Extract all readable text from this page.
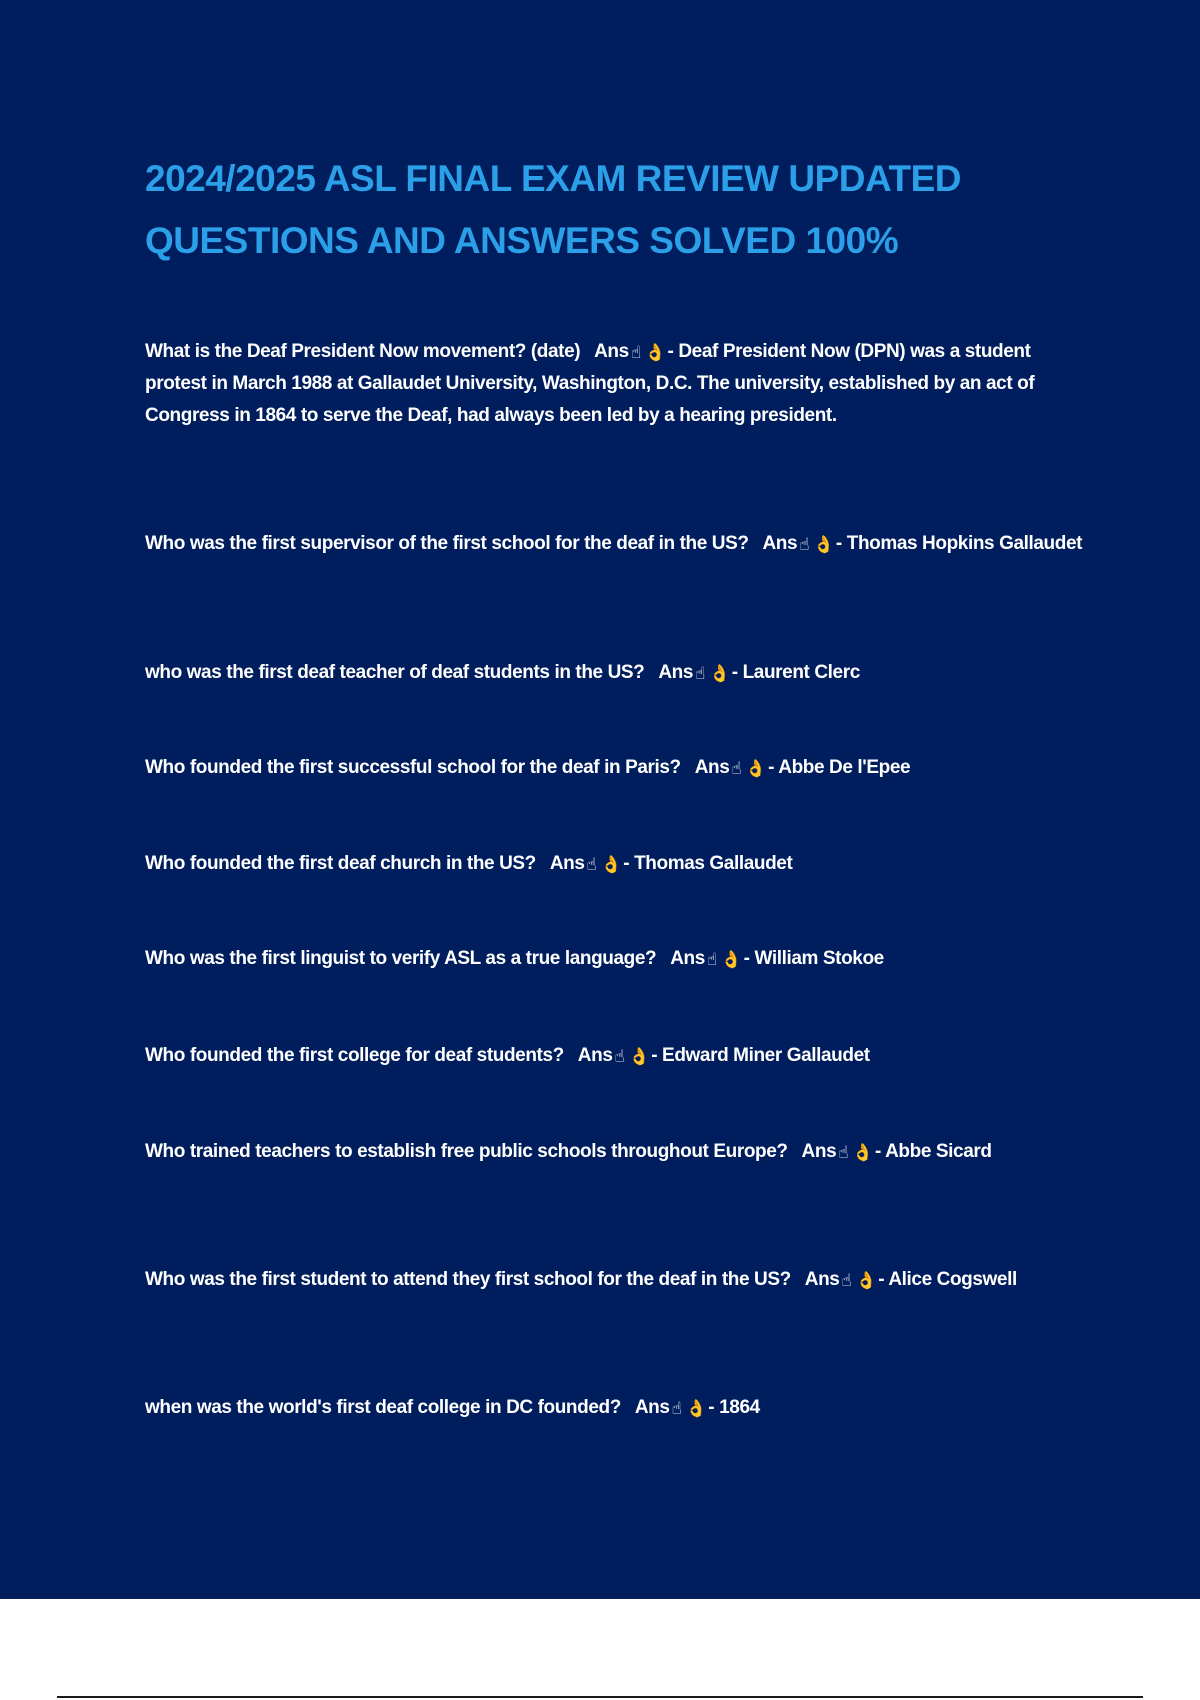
2024/2025 ASL FINAL EXAM REVIEW UPDATED QUESTIONS AND ANSWERS SOLVED 100%

What is the Deaf President Now movement? (date) Ans ☝ 👌 - Deaf President Now (DPN) was a student protest in March 1988 at Gallaudet University, Washington, D.C. The university, established by an act of Congress in 1864 to serve the Deaf, had always been led by a hearing president.

Who was the first supervisor of the first school for the deaf in the US? Ans ☝ 👌 - Thomas Hopkins Gallaudet

who was the first deaf teacher of deaf students in the US? Ans ☝ 👌 - Laurent Clerc

Who founded the first successful school for the deaf in Paris? Ans ☝ 👌 - Abbe De l'Epee

Who founded the first deaf church in the US? Ans ☝ 👌 - Thomas Gallaudet

Who was the first linguist to verify ASL as a true language? Ans ☝ 👌 - William Stokoe

Who founded the first college for deaf students? Ans ☝ 👌 - Edward Miner Gallaudet

Who trained teachers to establish free public schools throughout Europe? Ans ☝ 👌 - Abbe Sicard

Who was the first student to attend they first school for the deaf in the US? Ans ☝ 👌 - Alice Cogswell

when was the world's first deaf college in DC founded? Ans ☝ 👌 - 1864
